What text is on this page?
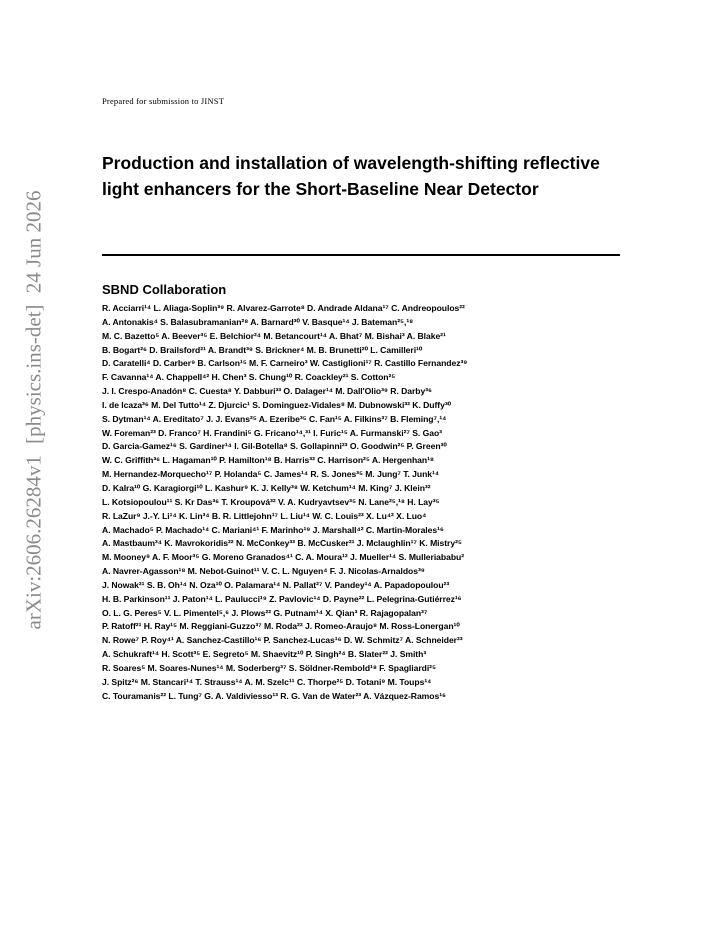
arXiv:2606.26284v1 [physics.ins-det] 24 Jun 2026
Prepared for submission to JINST
Production and installation of wavelength-shifting reflective light enhancers for the Short-Baseline Near Detector
SBND Collaboration
R. Acciarri¹⁴ L. Aliaga-Soplin³⁹ R. Alvarez-Garrote⁸ D. Andrade Aldana¹⁷ C. Andreopoulos²²
A. Antonakis⁴ S. Balasubramanian²⁸ A. Barnard³⁰ V. Basque¹⁴ J. Bateman²⁵,¹⁸
M. C. Bazetto⁵ A. Beever³⁵ E. Belchior²⁴ M. Betancourt¹⁴ A. Bhat⁷ M. Bishai³ A. Blake²¹
B. Bogart²⁶ D. Brailsford²¹ A. Brandt³⁹ S. Brickner⁴ M. B. Brunetti²⁰ L. Camilleri¹⁰
D. Caratelli⁴ D. Carber⁹ B. Carlson¹⁵ M. F. Carneiro³ W. Castiglioni¹⁷ R. Castillo Fernandez³⁹
F. Cavanna¹⁴ A. Chappell⁴² H. Chen³ S. Chung¹⁰ R. Coackley²¹ S. Cotton²⁵
J. I. Crespo-Anadón⁸ C. Cuesta⁸ Y. Dabburi³³ O. Dalager¹⁴ M. Dall'Olio³⁹ R. Darby³⁶
I. de Icaza³⁶ M. Del Tutto¹⁴ Z. Djurcic¹ S. Dominguez-Vidales⁸ M. Dubnowski³² K. Duffy³⁰
S. Dytman¹⁴ A. Ereditato⁷ J. J. Evans²⁵ A. Ezeribe³⁵ C. Fan¹⁵ A. Filkins³⁷ B. Fleming⁷,¹⁴
W. Foreman²³ D. Franco⁷ H. Frandini⁵ G. Fricano¹⁴,³¹ I. Furic¹⁵ A. Furmanski²⁷ S. Gao³
D. Garcia-Gamez¹⁶ S. Gardiner¹⁴ I. Gil-Botella⁸ S. Gollapinni²³ O. Goodwin²⁵ P. Green³⁰
W. C. Griffith³⁶ L. Hagaman¹⁰ P. Hamilton¹⁸ B. Harris³² C. Harrison²⁵ A. Hergenhan¹⁸
M. Hernandez-Morquecho¹⁷ P. Holanda⁵ C. James¹⁴ R. S. Jones³⁵ M. Jung⁷ T. Junk¹⁴
D. Kalra¹⁰ G. Karagiorgi¹⁰ L. Kashur⁹ K. J. Kelly³⁸ W. Ketchum¹⁴ M. King⁷ J. Klein³²
L. Kotsiopoulou¹¹ S. Kr Das³⁶ T. Kroupová³² V. A. Kudryavtsev³⁵ N. Lane²⁵,¹⁸ H. Lay³⁵
R. LaZur⁹ J.-Y. Li¹⁴ K. Lin³⁴ B. R. Littlejohn¹⁷ L. Liu¹⁴ W. C. Louis²³ X. Lu⁴² X. Luo⁴
A. Machado⁵ P. Machado¹⁴ C. Mariani⁴¹ F. Marinho¹⁹ J. Marshall⁴² C. Martin-Morales¹⁶
A. Mastbaum³⁴ K. Mavrokoridis²² N. McConkey³³ B. McCusker²¹ J. Mclaughlin¹⁷ K. Mistry²⁵
M. Mooney⁹ A. F. Moor³⁵ G. Moreno Granados⁴¹ C. A. Moura¹² J. Mueller¹⁴ S. Mulleriababu²
A. Navrer-Agasson¹⁸ M. Nebot-Guinot¹¹ V. C. L. Nguyen⁴ F. J. Nicolas-Arnaldos³⁹
J. Nowak²¹ S. B. Oh¹⁴ N. Oza¹⁰ O. Palamara¹⁴ N. Pallat²⁷ V. Pandey¹⁴ A. Papadopoulou²³
H. B. Parkinson¹¹ J. Paton¹⁴ L. Paulucci¹⁹ Z. Pavlovic¹⁴ D. Payne²² L. Pelegrina-Gutiérrez¹⁶
O. L. G. Peres⁵ V. L. Pimentel⁵,⁶ J. Plows²² G. Putnam¹⁴ X. Qian³ R. Rajagopalan³⁷
P. Ratoff²¹ H. Ray¹⁵ M. Reggiani-Guzzo³⁷ M. Roda²² J. Romeo-Araujo⁸ M. Ross-Lonergan¹⁰
N. Rowe⁷ P. Roy⁴¹ A. Sanchez-Castillo¹⁶ P. Sanchez-Lucas¹⁶ D. W. Schmitz⁷ A. Schneider²³
A. Schukraft¹⁴ H. Scott³⁵ E. Segreto⁵ M. Shaevitz¹⁰ P. Singh²⁴ B. Slater²² J. Smith³
R. Soares⁵ M. Soares-Nunes¹⁴ M. Soderberg³⁷ S. Söldner-Rembold¹⁸ F. Spagliardi²⁵
J. Spitz²⁶ M. Stancari¹⁴ T. Strauss¹⁴ A. M. Szelc¹¹ C. Thorpe²⁵ D. Totani⁹ M. Toups¹⁴
C. Touramanis²² L. Tung⁷ G. A. Valdiviesso¹³ R. G. Van de Water²³ A. Vázquez-Ramos¹⁶
